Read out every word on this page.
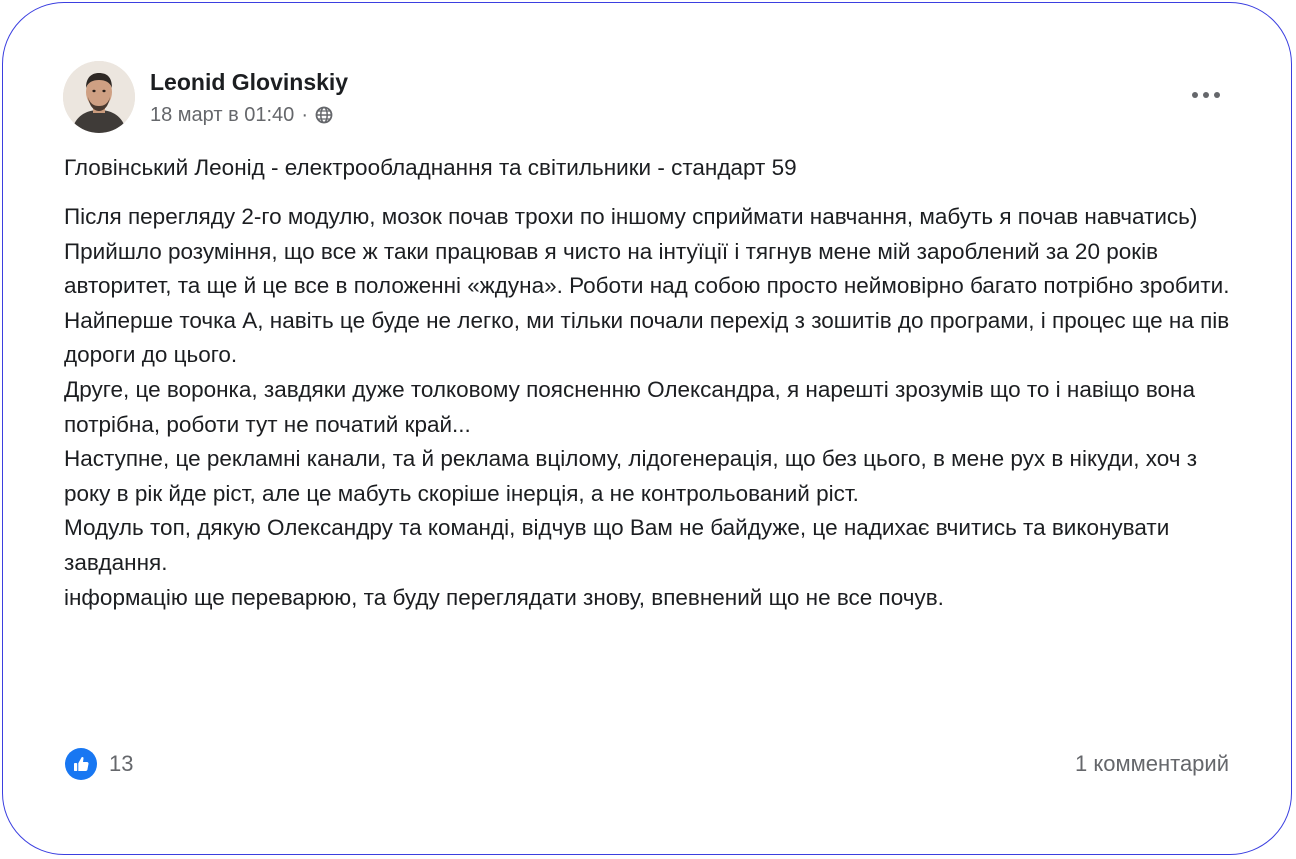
Leonid Glovinskiy
18 март в 01:40 ·
Гловінський Леонід - електрообладнання та світильники - стандарт 59

Після перегляду 2-го модулю, мозок почав трохи по іншому сприймати навчання, мабуть я почав навчатись)

Прийшло розуміння, що все ж таки працював я чисто на інтуїції і тягнув мене мій зароблений за 20 років авторитет, та ще й це все в положенні «ждуна». Роботи над собою просто неймовірно багато потрібно зробити.

Найперше точка А, навіть це буде не легко, ми тільки почали перехід з зошитів до програми, і процес ще на пів дороги до цього.

Друге, це воронка, завдяки дуже толковому поясненню Олександра, я нарешті зрозумів що то і навіщо вона потрібна, роботи тут не початий край...

Наступне, це рекламні канали, та й реклама вцілому, лідогенерація, що без цього, в мене рух в нікуди, хоч з року в рік йде ріст, але це мабуть скоріше інерція, а не контрольований ріст.

Модуль топ, дякую Олександру та команді, відчув що Вам не байдуже, це надихає вчитись та виконувати завдання.

інформацію ще переварюю, та буду переглядати знову, впевнений що не все почув.

13	1 комментарий
